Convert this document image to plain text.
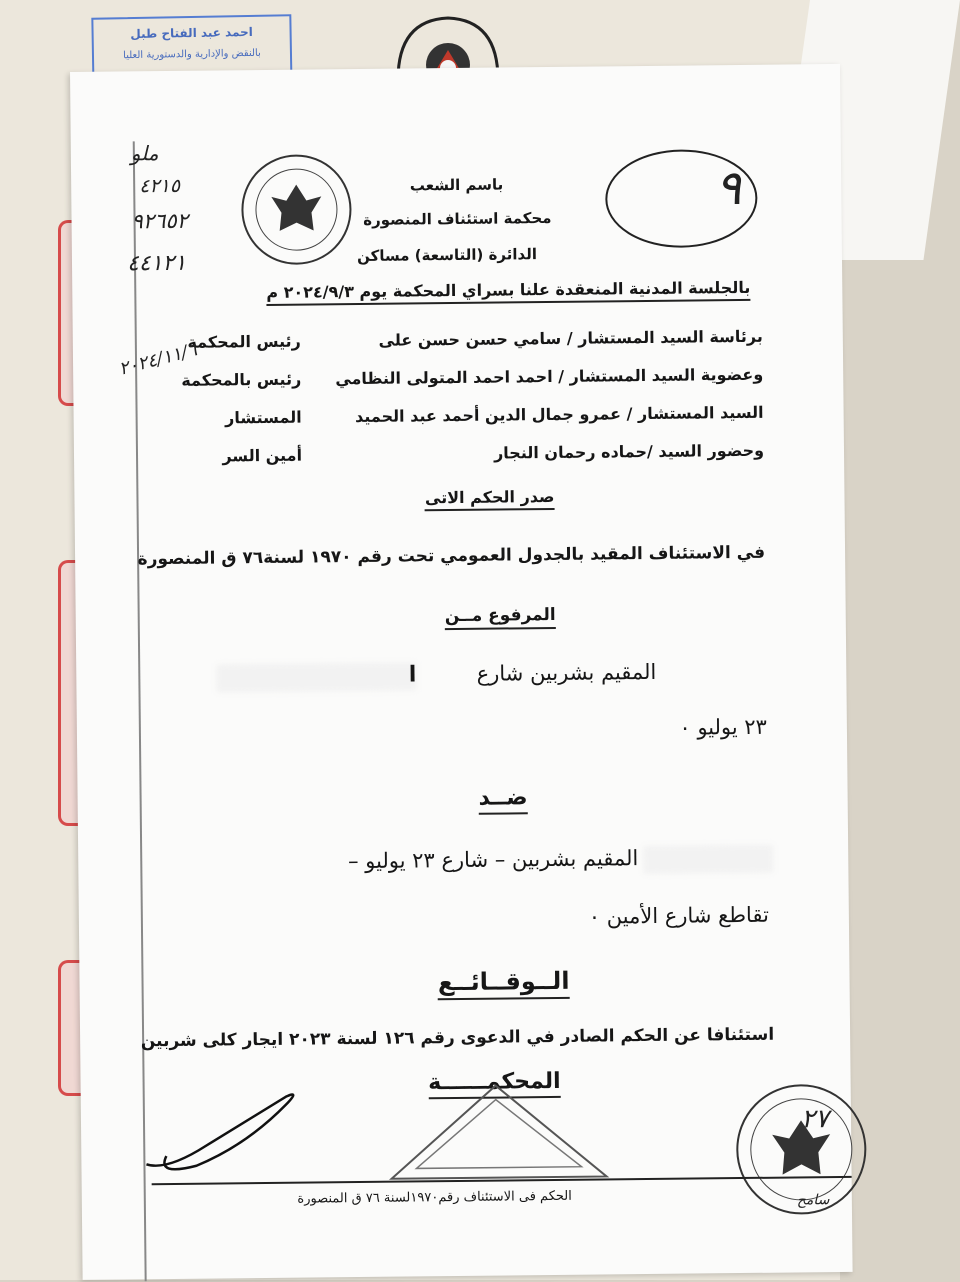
احمد عبد الفتاح طبل
بالنقض والإدارية والدستورية العليا
باسم الشعب
محكمة استئناف المنصورة
الدائرة (التاسعة) مساكن
بالجلسة المدنية المنعقدة علنا بسراي المحكمة يوم ٢٠٢٤/٩/٣ م
برئاسة السيد المستشار / سامي حسن حسن على
رئيس المحكمة
وعضوية السيد المستشار / احمد احمد المتولى النظامي
رئيس بالمحكمة
السيد المستشار / عمرو جمال الدين أحمد عبد الحميد
المستشار
وحضور السيد /حماده رحمان النجار
أمين السر
صدر الحكم الاتى
في الاستئناف المقيد بالجدول العمومي تحت رقم ١٩٧٠ لسنة٧٦ ق المنصورة
المرفوع مــن
ا	المقيم بشربين شارع
٢٣ يوليو ٠
ضــد
المقيم بشربين – شارع ٢٣ يوليو –
تقاطع شارع الأمين ٠
الــوقــائــع
استئنافا عن الحكم الصادر في الدعوى رقم ١٢٦ لسنة ٢٠٢٣ ايجار كلى شربين
المحكمــــــة
الحكم فى الاستئناف رقم١٩٧٠لسنة ٧٦ ق المنصورة
٩
ملو
٤٢١٥
٩٢٦٥٢
٤٤١٢١
٢٠٢٤/١١/٦
٢٧
سامح
